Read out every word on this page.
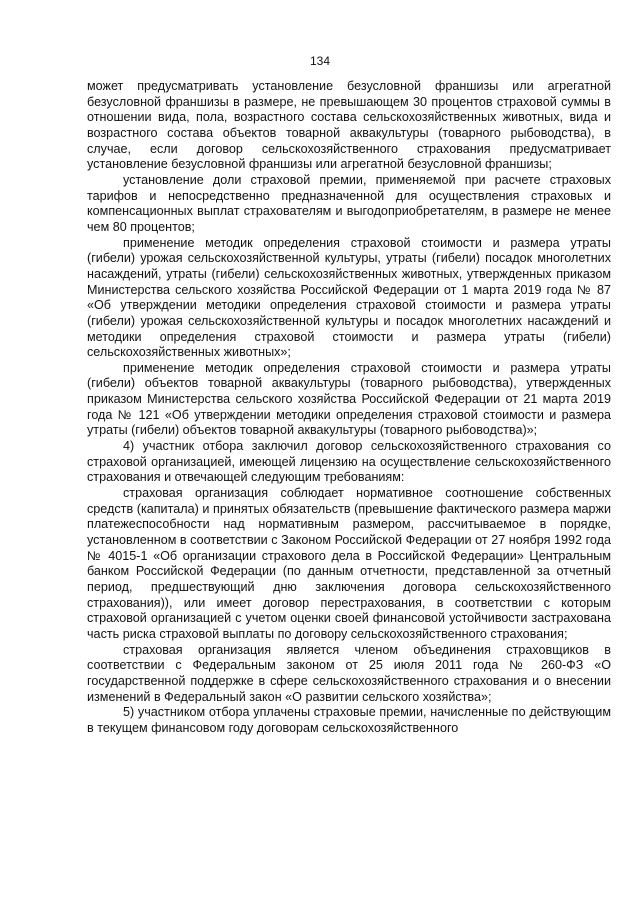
134

может предусматривать установление безусловной франшизы или агрегатной безусловной франшизы в размере, не превышающем 30 процентов страховой суммы в отношении вида, пола, возрастного состава сельскохозяйственных животных, вида и возрастного состава объектов товарной аквакультуры (товарного рыбоводства), в случае, если договор сельскохозяйственного страхования предусматривает установление безусловной франшизы или агрегатной безусловной франшизы;

установление доли страховой премии, применяемой при расчете страховых тарифов и непосредственно предназначенной для осуществления страховых и компенсационных выплат страхователям и выгодоприобретателям, в размере не менее чем 80 процентов;

применение методик определения страховой стоимости и размера утраты (гибели) урожая сельскохозяйственной культуры, утраты (гибели) посадок многолетних насаждений, утраты (гибели) сельскохозяйственных животных, утвержденных приказом Министерства сельского хозяйства Российской Федерации от 1 марта 2019 года № 87 «Об утверждении методики определения страховой стоимости и размера утраты (гибели) урожая сельскохозяйственной культуры и посадок многолетних насаждений и методики определения страховой стоимости и размера утраты (гибели) сельскохозяйственных животных»;

применение методик определения страховой стоимости и размера утраты (гибели) объектов товарной аквакультуры (товарного рыбоводства), утвержденных приказом Министерства сельского хозяйства Российской Федерации от 21 марта 2019 года № 121 «Об утверждении методики определения страховой стоимости и размера утраты (гибели) объектов товарной аквакультуры (товарного рыбоводства)»;

4) участник отбора заключил договор сельскохозяйственного страхования со страховой организацией, имеющей лицензию на осуществление сельскохозяйственного страхования и отвечающей следующим требованиям:

страховая организация соблюдает нормативное соотношение собственных средств (капитала) и принятых обязательств (превышение фактического размера маржи платежеспособности над нормативным размером, рассчитываемое в порядке, установленном в соответствии с Законом Российской Федерации от 27 ноября 1992 года № 4015-1 «Об организации страхового дела в Российской Федерации» Центральным банком Российской Федерации (по данным отчетности, представленной за отчетный период, предшествующий дню заключения договора сельскохозяйственного страхования)), или имеет договор перестрахования, в соответствии с которым страховой организацией с учетом оценки своей финансовой устойчивости застрахована часть риска страховой выплаты по договору сельскохозяйственного страхования;

страховая организация является членом объединения страховщиков в соответствии с Федеральным законом от 25 июля 2011 года № 260-ФЗ «О государственной поддержке в сфере сельскохозяйственного страхования и о внесении изменений в Федеральный закон «О развитии сельского хозяйства»;

5) участником отбора уплачены страховые премии, начисленные по действующим в текущем финансовом году договорам сельскохозяйственного
